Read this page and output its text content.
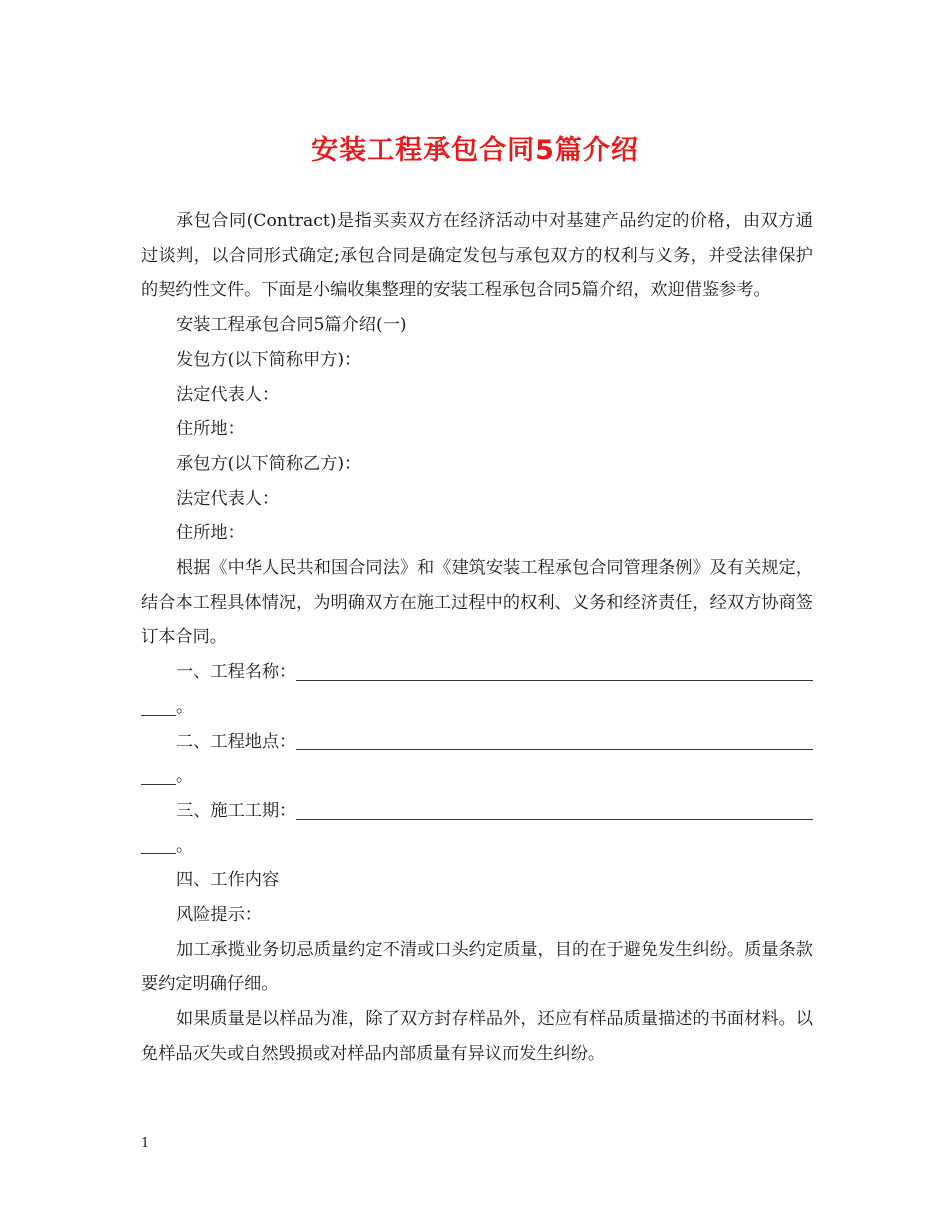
安装工程承包合同5篇介绍

承包合同(Contract)是指买卖双方在经济活动中对基建产品约定的价格，由双方通过谈判，以合同形式确定;承包合同是确定发包与承包双方的权利与义务，并受法律保护的契约性文件。下面是小编收集整理的安装工程承包合同5篇介绍，欢迎借鉴参考。

安装工程承包合同5篇介绍(一)

发包方(以下简称甲方)：

法定代表人：

住所地：

承包方(以下简称乙方)：

法定代表人：

住所地：

根据《中华人民共和国合同法》和《建筑安装工程承包合同管理条例》及有关规定，结合本工程具体情况，为明确双方在施工过程中的权利、义务和经济责任，经双方协商签订本合同。

一、工程名称：
。
二、工程地点：
。
三、施工工期：
。

四、工作内容

风险提示：

加工承揽业务切忌质量约定不清或口头约定质量，目的在于避免发生纠纷。质量条款要约定明确仔细。

如果质量是以样品为准，除了双方封存样品外，还应有样品质量描述的书面材料。以免样品灭失或自然毁损或对样品内部质量有异议而发生纠纷。

1
